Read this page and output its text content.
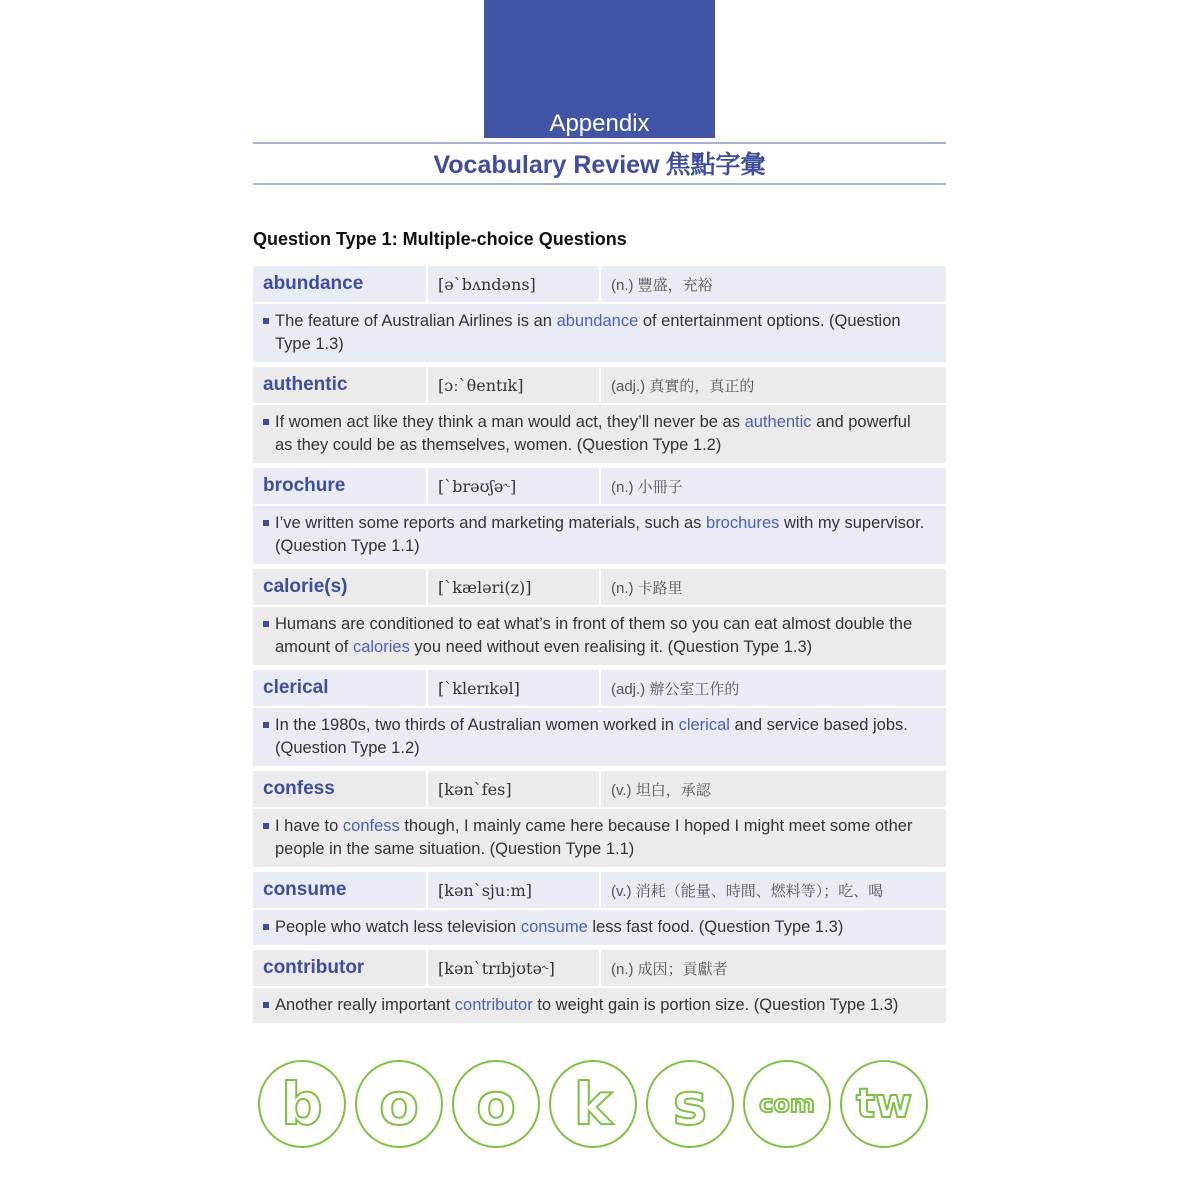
Appendix
Vocabulary Review 焦點字彙
Question Type 1: Multiple-choice Questions
abundance	[əˋbʌndəns]	(n.) 豐盛，充裕
The feature of Australian Airlines is an abundance of entertainment options. (Question Type 1.3)
authentic	[ɔːˋθentɪk]	(adj.) 真實的，真正的
If women act like they think a man would act, they’ll never be as authentic and powerful as they could be as themselves, women. (Question Type 1.2)
brochure	[ˋbrəʊʃə˞]	(n.) 小冊子
I’ve written some reports and marketing materials, such as brochures with my supervisor. (Question Type 1.1)
calorie(s)	[ˋkæləri(z)]	(n.) 卡路里
Humans are conditioned to eat what’s in front of them so you can eat almost double the amount of calories you need without even realising it. (Question Type 1.3)
clerical	[ˋklerɪkəl]	(adj.) 辦公室工作的
In the 1980s, two thirds of Australian women worked in clerical and service based jobs. (Question Type 1.2)
confess	[kənˋfes]	(v.) 坦白，承認
I have to confess though, I mainly came here because I hoped I might meet some other people in the same situation. (Question Type 1.1)
consume	[kənˋsjuːm]	(v.) 消耗（能量、時間、燃料等）；吃、喝
People who watch less television consume less fast food. (Question Type 1.3)
contributor	[kənˋtrɪbjʊtə˞]	(n.) 成因；貢獻者
Another really important contributor to weight gain is portion size. (Question Type 1.3)
b o o k s com tw
